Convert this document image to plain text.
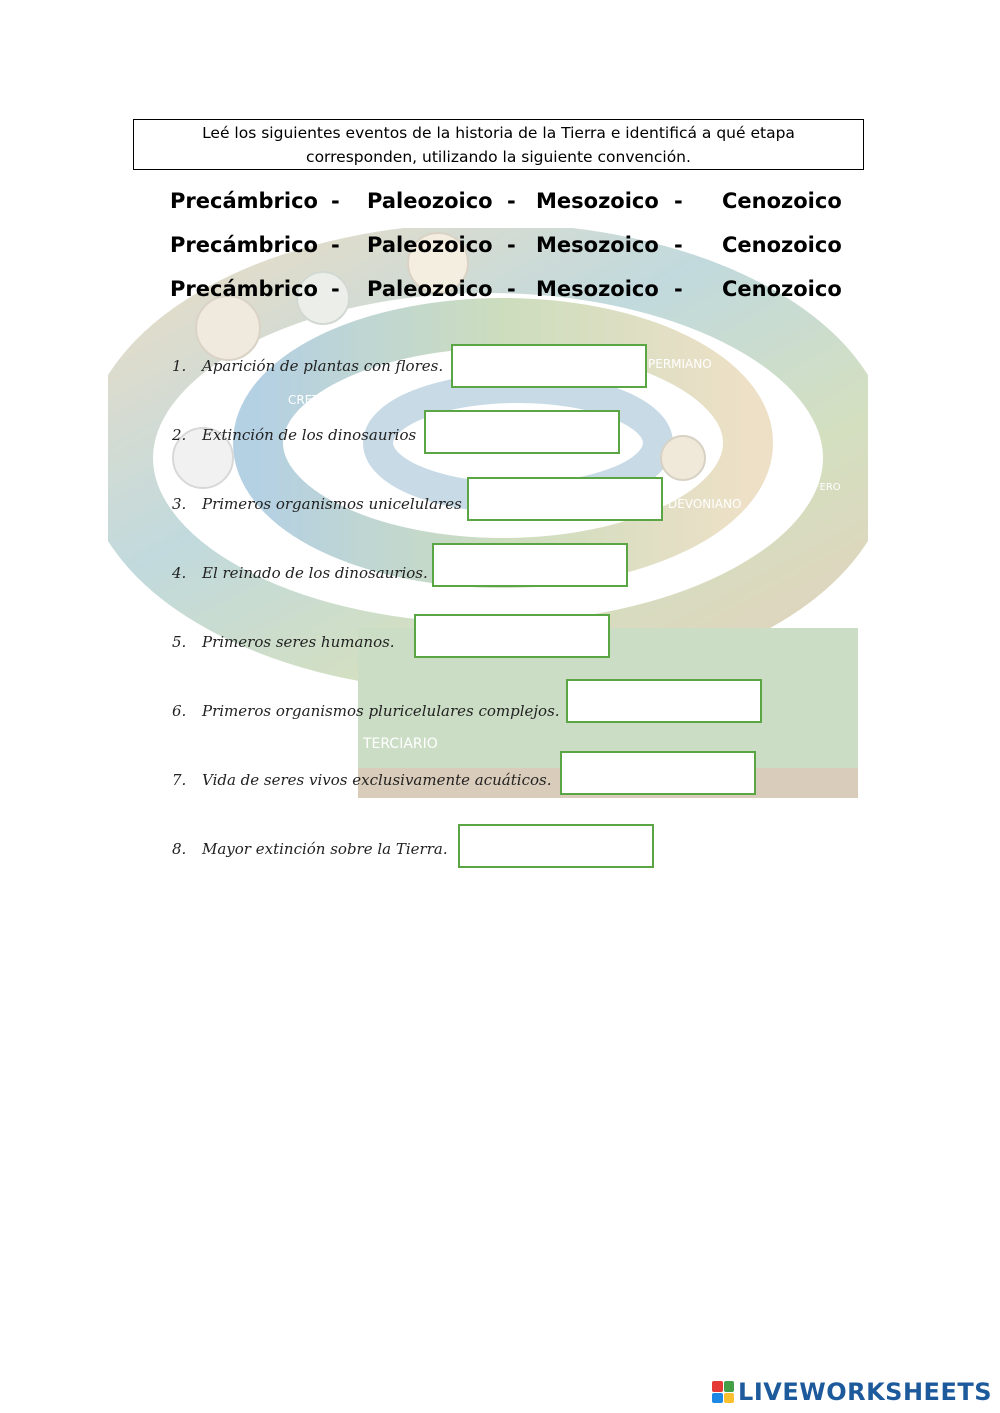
Leé los siguientes eventos de la historia de la Tierra e identificá a qué etapa corresponden, utilizando la siguiente convención.
PERMIANO
DEVONIANO
CRETÁCEO
CARBONÍFERO
TERCIARIO
Precámbrico - Paleozoico - Mesozoico - Cenozoico
Precámbrico - Paleozoico - Mesozoico - Cenozoico
Precámbrico - Paleozoico - Mesozoico - Cenozoico
1. Aparición de plantas con flores.
2. Extinción de los dinosaurios
3. Primeros organismos unicelulares
4. El reinado de los dinosaurios.
5. Primeros seres humanos.
6. Primeros organismos pluricelulares complejos.
7. Vida de seres vivos exclusivamente acuáticos.
8. Mayor extinción sobre la Tierra.
LIVEWORKSHEETS
